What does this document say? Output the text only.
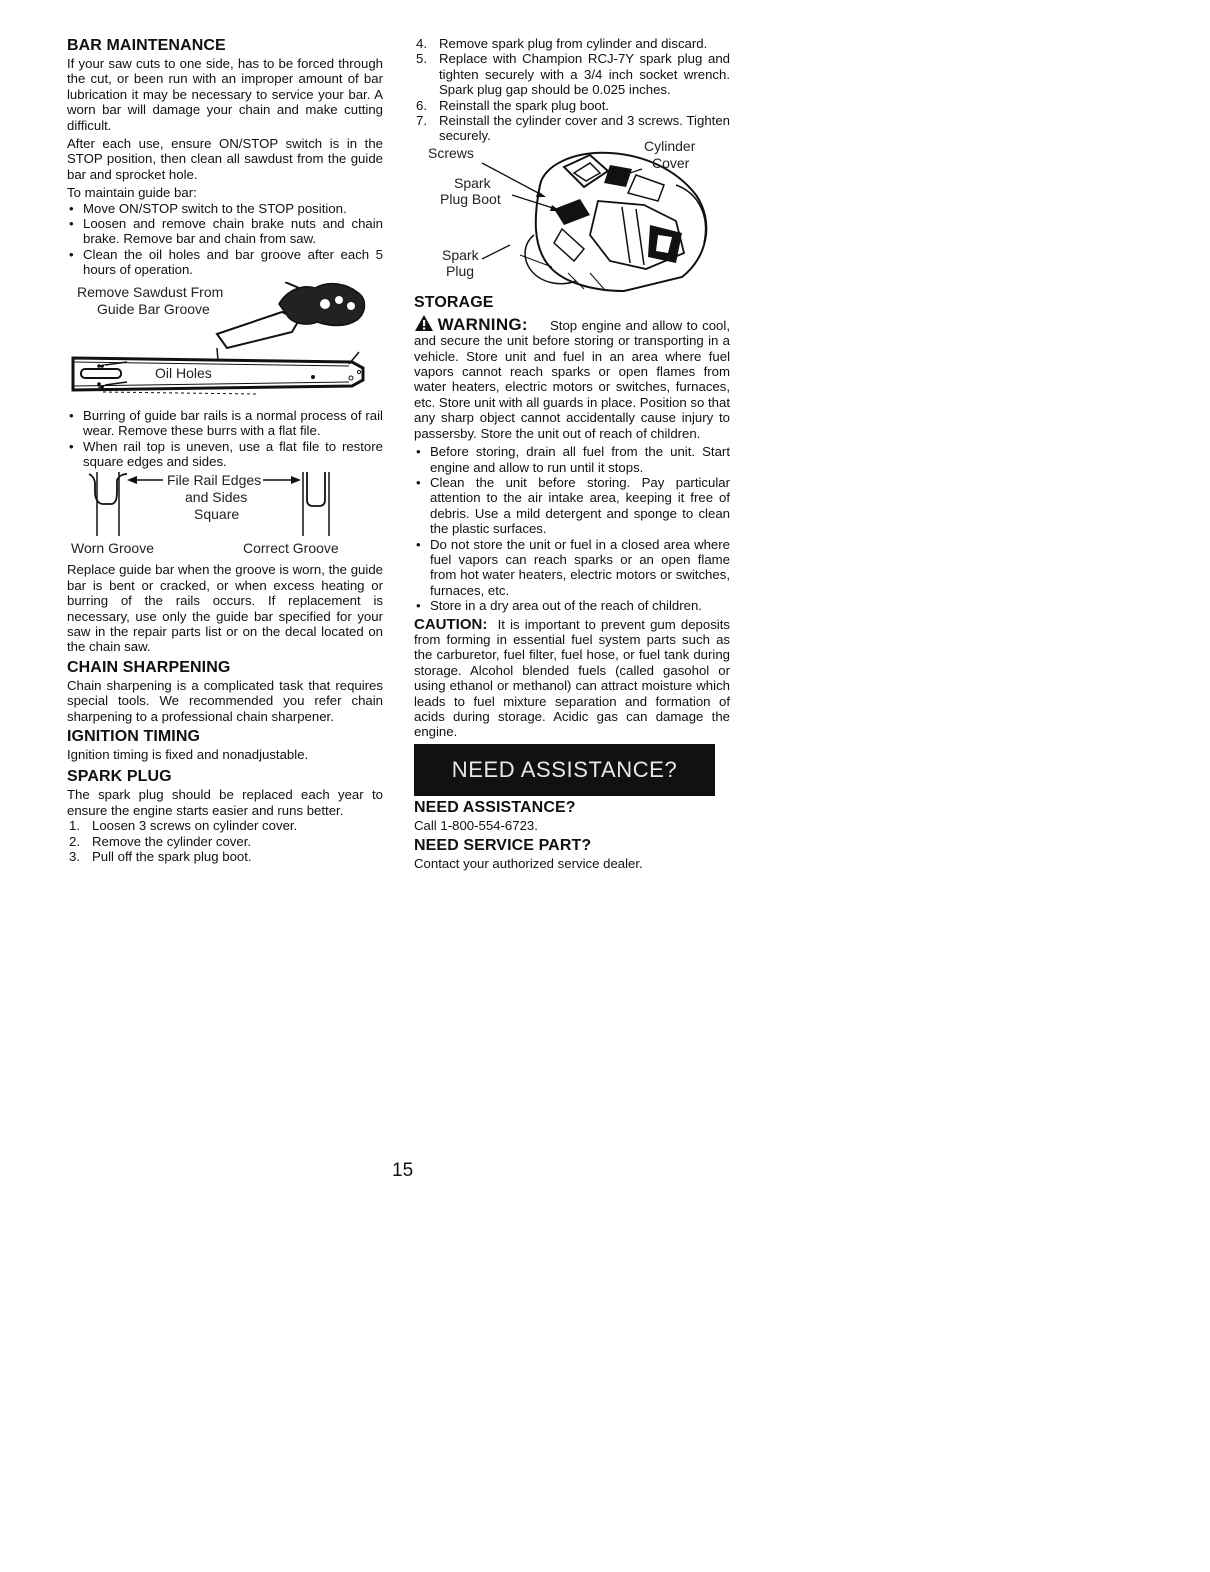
BAR MAINTENANCE

If your saw cuts to one side, has to be forced through the cut, or been run with an improper amount of bar lubrication it may be necessary to service your bar. A worn bar will damage your chain and make cutting difficult.

After each use, ensure ON/STOP switch is in the STOP position, then clean all sawdust from the guide bar and sprocket hole.

To maintain guide bar:

• Move ON/STOP switch to the STOP position.
• Loosen and remove chain brake nuts and chain brake. Remove bar and chain from saw.
• Clean the oil holes and bar groove after each 5 hours of operation.
Remove Sawdust From
Guide Bar Groove
Oil Holes
• Burring of guide bar rails is a normal process of rail wear. Remove these burrs with a flat file.
• When rail top is uneven, use a flat file to restore square edges and sides.
File Rail Edges
and Sides
Square
Worn Groove	Correct Groove

Replace guide bar when the groove is worn, the guide bar is bent or cracked, or when excess heating or burring of the rails occurs. If replacement is necessary, use only the guide bar specified for your saw in the repair parts list or on the decal located on the chain saw.

CHAIN SHARPENING

Chain sharpening is a complicated task that requires special tools. We recommended you refer chain sharpening to a professional chain sharpener.

IGNITION TIMING

Ignition timing is fixed and nonadjustable.

SPARK PLUG

The spark plug should be replaced each year to ensure the engine starts easier and runs better.

1. Loosen 3 screws on cylinder cover.
2. Remove the cylinder cover.
3. Pull off the spark plug boot.
4. Remove spark plug from cylinder and discard.
5. Replace with Champion RCJ-7Y spark plug and tighten securely with a 3/4 inch socket wrench. Spark plug gap should be 0.025 inches.
6. Reinstall the spark plug boot.
7. Reinstall the cylinder cover and 3 screws. Tighten securely.
Screws	Cylinder
Cover
Spark
Plug Boot
Spark
Plug
STORAGE
WARNING:	Stop engine and allow to cool, and secure the unit before storing or transporting in a vehicle. Store unit and fuel in an area where fuel vapors cannot reach sparks or open flames from water heaters, electric motors or switches, furnaces, etc. Store unit with all guards in place. Position so that any sharp object cannot accidentally cause injury to passersby. Store the unit out of reach of children.

• Before storing, drain all fuel from the unit. Start engine and allow to run until it stops.
• Clean the unit before storing. Pay particular attention to the air intake area, keeping it free of debris. Use a mild detergent and sponge to clean the plastic surfaces.
• Do not store the unit or fuel in a closed area where fuel vapors can reach sparks or an open flame from hot water heaters, electric motors or switches, furnaces, etc.
• Store in a dry area out of the reach of children.

CAUTION: It is important to prevent gum deposits from forming in essential fuel system parts such as the carburetor, fuel filter, fuel hose, or fuel tank during storage. Alcohol blended fuels (called gasohol or using ethanol or methanol) can attract moisture which leads to fuel mixture separation and formation of acids during storage. Acidic gas can damage the engine.

NEED ASSISTANCE?
NEED ASSISTANCE?

Call 1-800-554-6723.

NEED SERVICE PART?

Contact your authorized service dealer.

15
